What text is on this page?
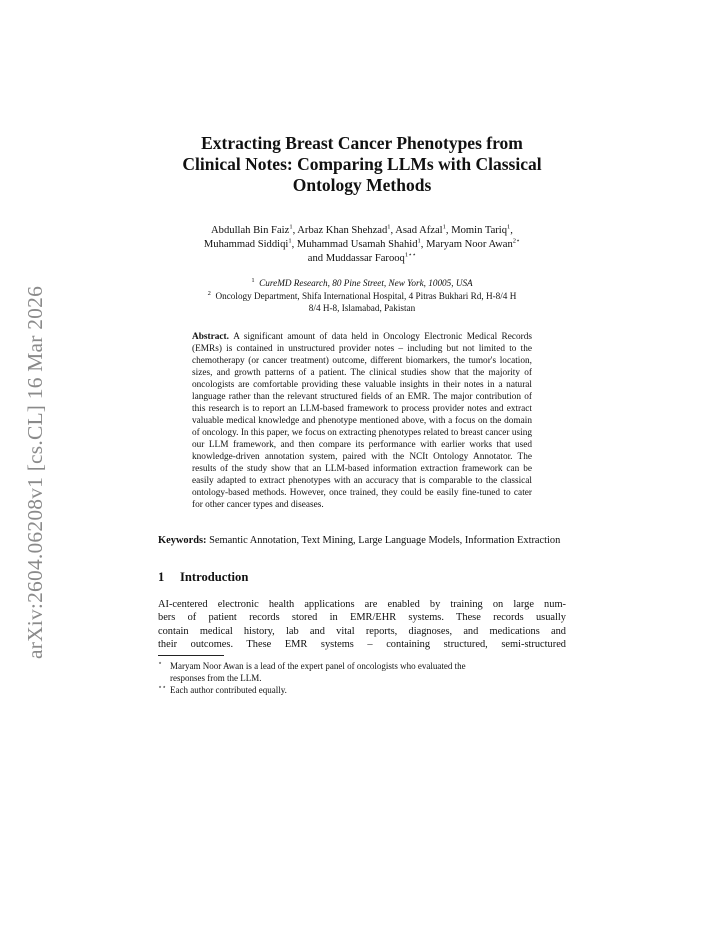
arXiv:2604.06208v1 [cs.CL] 16 Mar 2026
Extracting Breast Cancer Phenotypes from
Clinical Notes: Comparing LLMs with Classical
Ontology Methods
Abdullah Bin Faiz$^1$, Arbaz Khan Shehzad$^1$, Asad Afzal$^1$, Momin Tariq$^1$,
Muhammad Siddiqi$^1$, Muhammad Usamah Shahid$^1$, Maryam Noor Awan$^{2⋆}$
and Muddassar Farooq$^{1⋆⋆}$
$^1$ CureMD Research, 80 Pine Street, New York, 10005, USA
$^2$ Oncology Department, Shifa International Hospital, 4 Pitras Bukhari Rd, H-8/4 H
8/4 H-8, Islamabad, Pakistan
Abstract. A significant amount of data held in Oncology Electronic Medical Records (EMRs) is contained in unstructured provider notes – including but not limited to the chemotherapy (or cancer treatment) outcome, different biomarkers, the tumor's location, sizes, and growth patterns of a patient. The clinical studies show that the majority of oncologists are comfortable providing these valuable insights in their notes in a natural language rather than the relevant structured fields of an EMR. The major contribution of this research is to report an LLM-based framework to process provider notes and extract valuable medical knowledge and phenotype mentioned above, with a focus on the domain of oncology. In this paper, we focus on extracting phenotypes related to breast cancer using our LLM framework, and then compare its performance with earlier works that used knowledge-driven annotation system, paired with the NCIt Ontology Annotator. The results of the study show that an LLM-based information extraction framework can be easily adapted to extract phenotypes with an accuracy that is comparable to the classical ontology-based methods. However, once trained, they could be easily fine-tuned to cater for other cancer types and diseases.
Keywords: Semantic Annotation, Text Mining, Large Language Models, Information Extraction
1 Introduction
AI-centered electronic health applications are enabled by training on large num-
bers of patient records stored in EMR/EHR systems. These records usually
contain medical history, lab and vital reports, diagnoses, and medications and
their outcomes. These EMR systems – containing structured, semi-structured
⋆ Maryam Noor Awan is a lead of the expert panel of oncologists who evaluated the
responses from the LLM.
⋆⋆ Each author contributed equally.
